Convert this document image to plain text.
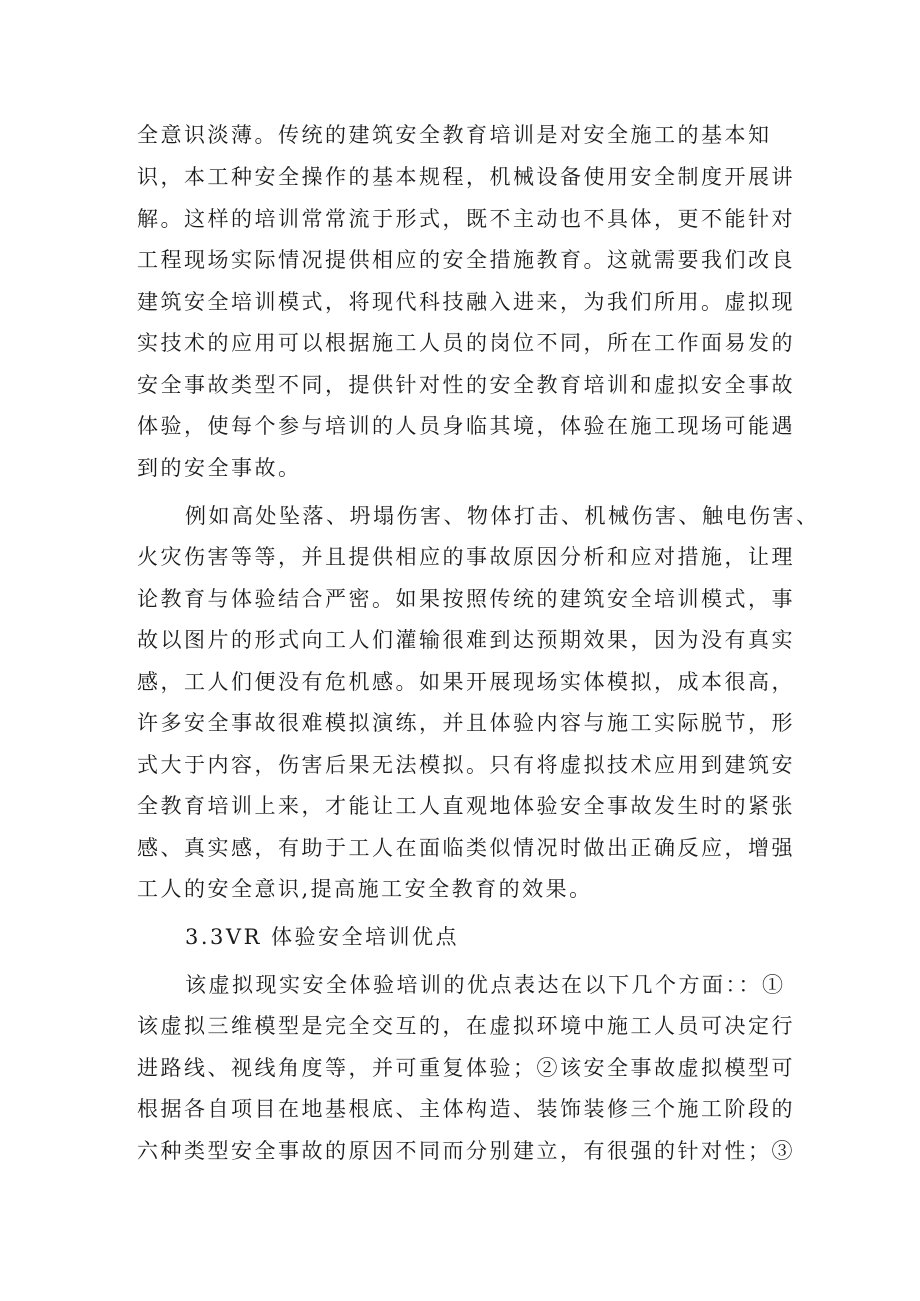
全意识淡薄。传统的建筑安全教育培训是对安全施工的基本知
识，本工种安全操作的基本规程，机械设备使用安全制度开展讲
解。这样的培训常常流于形式，既不主动也不具体，更不能针对
工程现场实际情况提供相应的安全措施教育。这就需要我们改良
建筑安全培训模式，将现代科技融入进来，为我们所用。虚拟现
实技术的应用可以根据施工人员的岗位不同，所在工作面易发的
安全事故类型不同，提供针对性的安全教育培训和虚拟安全事故
体验，使每个参与培训的人员身临其境，体验在施工现场可能遇
到的安全事故。
例如高处坠落、坍塌伤害、物体打击、机械伤害、触电伤害、
火灾伤害等等，并且提供相应的事故原因分析和应对措施，让理
论教育与体验结合严密。如果按照传统的建筑安全培训模式，事
故以图片的形式向工人们灌输很难到达预期效果，因为没有真实
感，工人们便没有危机感。如果开展现场实体模拟，成本很高，
许多安全事故很难模拟演练，并且体验内容与施工实际脱节，形
式大于内容，伤害后果无法模拟。只有将虚拟技术应用到建筑安
全教育培训上来，才能让工人直观地体验安全事故发生时的紧张
感、真实感，有助于工人在面临类似情况时做出正确反应，增强
工人的安全意识,提高施工安全教育的效果。
3.3VR 体验安全培训优点
该虚拟现实安全体验培训的优点表达在以下几个方面：：①
该虚拟三维模型是完全交互的，在虚拟环境中施工人员可决定行
进路线、视线角度等，并可重复体验；②该安全事故虚拟模型可
根据各自项目在地基根底、主体构造、装饰装修三个施工阶段的
六种类型安全事故的原因不同而分别建立，有很强的针对性；③
